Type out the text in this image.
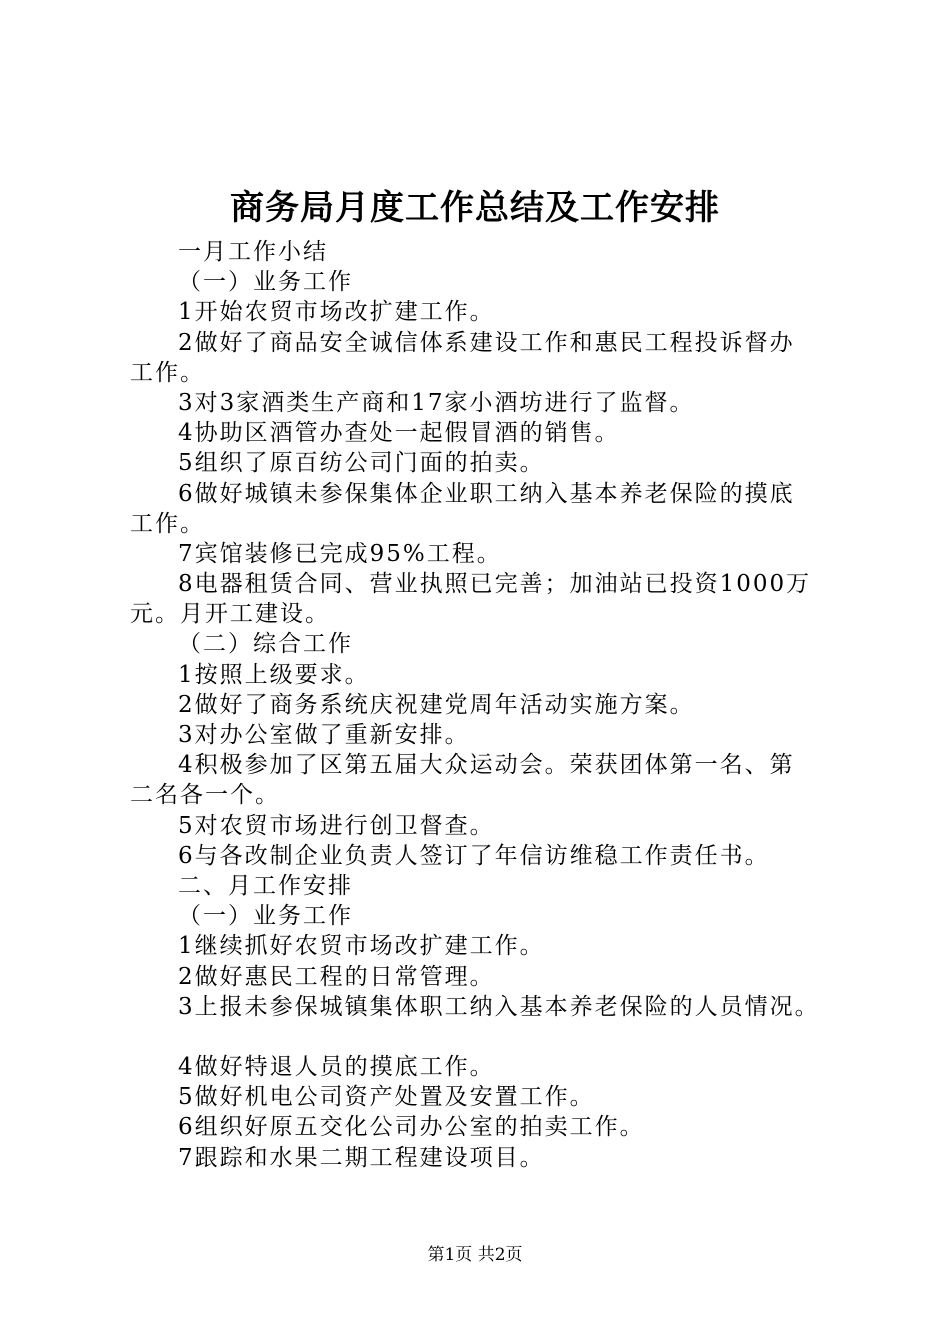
商务局月度工作总结及工作安排
一月工作小结
（一）业务工作
1开始农贸市场改扩建工作。
2做好了商品安全诚信体系建设工作和惠民工程投诉督办
工作。
3对3家酒类生产商和17家小酒坊进行了监督。
4协助区酒管办查处一起假冒酒的销售。
5组织了原百纺公司门面的拍卖。
6做好城镇未参保集体企业职工纳入基本养老保险的摸底
工作。
7宾馆装修已完成95%工程。
8电器租赁合同、营业执照已完善；加油站已投资1000万
元。月开工建设。
（二）综合工作
1按照上级要求。
2做好了商务系统庆祝建党周年活动实施方案。
3对办公室做了重新安排。
4积极参加了区第五届大众运动会。荣获团体第一名、第
二名各一个。
5对农贸市场进行创卫督查。
6与各改制企业负责人签订了年信访维稳工作责任书。
二、月工作安排
（一）业务工作
1继续抓好农贸市场改扩建工作。
2做好惠民工程的日常管理。
3上报未参保城镇集体职工纳入基本养老保险的人员情况。
4做好特退人员的摸底工作。
5做好机电公司资产处置及安置工作。
6组织好原五交化公司办公室的拍卖工作。
7跟踪和水果二期工程建设项目。
第1页 共2页
